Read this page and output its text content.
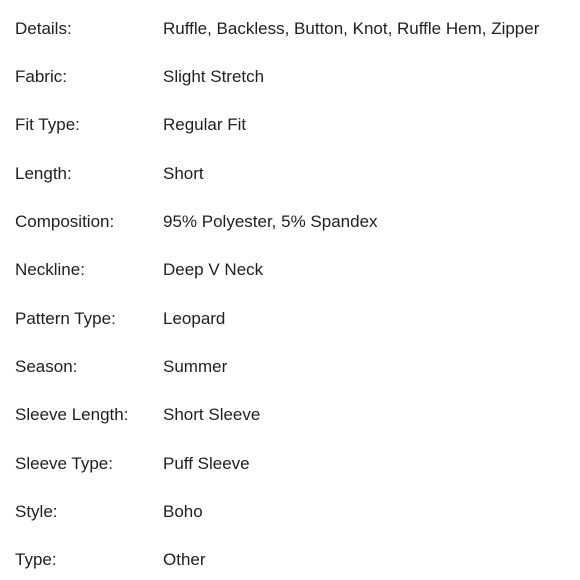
Details:	Ruffle, Backless, Button, Knot, Ruffle Hem, Zipper
Fabric:	Slight Stretch
Fit Type:	Regular Fit
Length:	Short
Composition:	95% Polyester, 5% Spandex
Neckline:	Deep V Neck
Pattern Type:	Leopard
Season:	Summer
Sleeve Length: Short Sleeve
Sleeve Type:	Puff Sleeve
Style:	Boho
Type:	Other
